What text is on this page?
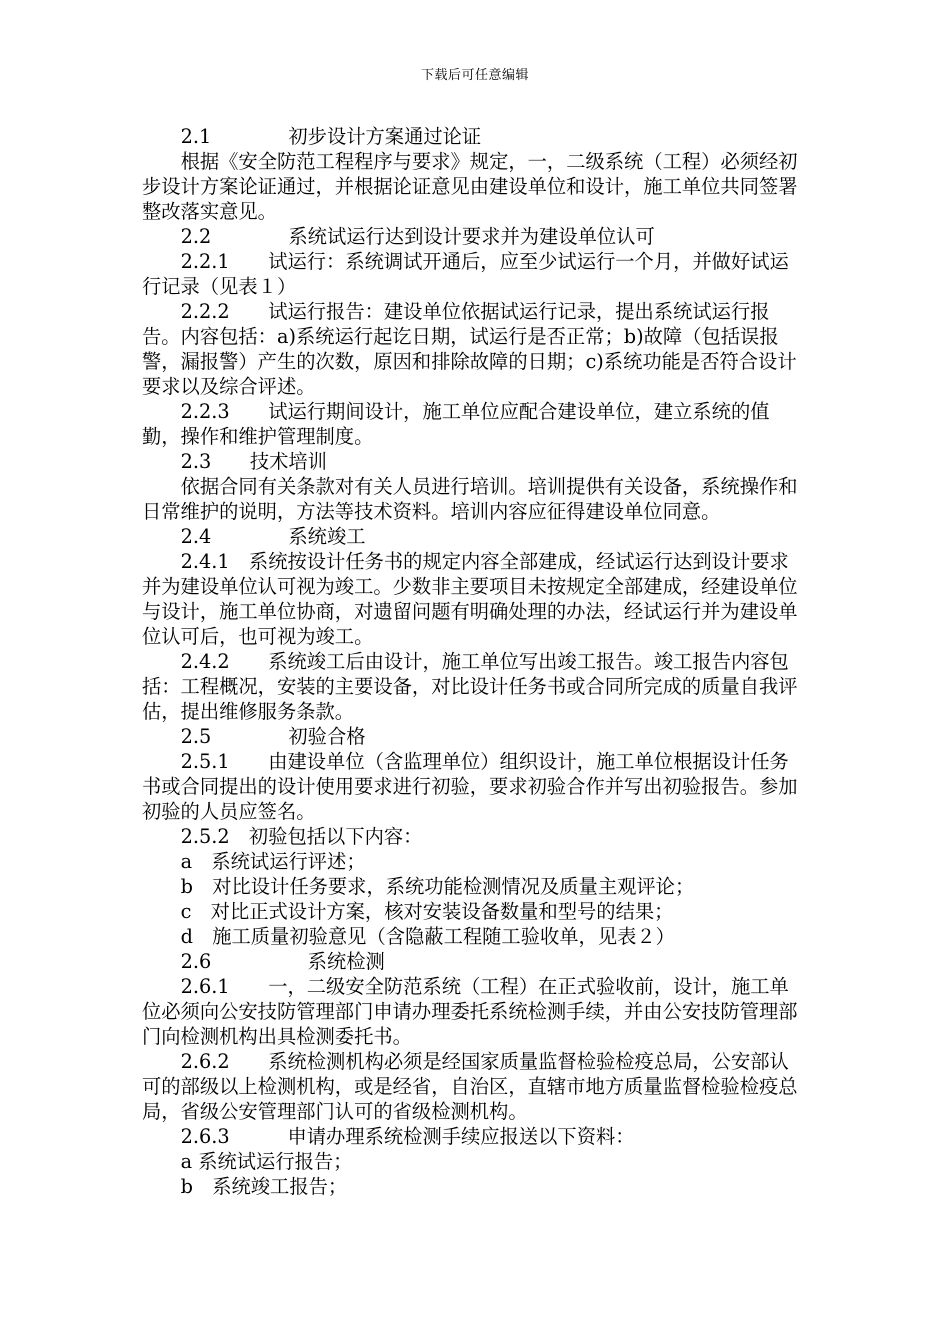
下载后可任意编辑

2.1　　　　初步设计方案通过论证

根据《安全防范工程程序与要求》规定，一，二级系统（工程）必须经初步设计方案论证通过，并根据论证意见由建设单位和设计，施工单位共同签署整改落实意见。

2.2　　　　系统试运行达到设计要求并为建设单位认可

2.2.1　　试运行：系统调试开通后，应至少试运行一个月，并做好试运行记录（见表１）

2.2.2　　试运行报告：建设单位依据试运行记录，提出系统试运行报告。内容包括：a)系统运行起讫日期，试运行是否正常；b)故障（包括误报警，漏报警）产生的次数，原因和排除故障的日期；c)系统功能是否符合设计要求以及综合评述。

2.2.3　　试运行期间设计，施工单位应配合建设单位，建立系统的值勤，操作和维护管理制度。

2.3　　技术培训

依据合同有关条款对有关人员进行培训。培训提供有关设备，系统操作和日常维护的说明，方法等技术资料。培训内容应征得建设单位同意。

2.4　　　　系统竣工

2.4.1　系统按设计任务书的规定内容全部建成，经试运行达到设计要求并为建设单位认可视为竣工。少数非主要项目未按规定全部建成，经建设单位与设计，施工单位协商，对遗留问题有明确处理的办法，经试运行并为建设单位认可后，也可视为竣工。

2.4.2　　系统竣工后由设计，施工单位写出竣工报告。竣工报告内容包括：工程概况，安装的主要设备，对比设计任务书或合同所完成的质量自我评估，提出维修服务条款。

2.5　　　　初验合格

2.5.1　　由建设单位（含监理单位）组织设计，施工单位根据设计任务书或合同提出的设计使用要求进行初验，要求初验合作并写出初验报告。参加初验的人员应签名。

2.5.2　初验包括以下内容：

a　系统试运行评述；

b　对比设计任务要求，系统功能检测情况及质量主观评论；

c　对比正式设计方案，核对安装设备数量和型号的结果；

d　施工质量初验意见（含隐蔽工程随工验收单，见表２）

2.6　　　　　系统检测

2.6.1　　一，二级安全防范系统（工程）在正式验收前，设计，施工单位必须向公安技防管理部门申请办理委托系统检测手续，并由公安技防管理部门向检测机构出具检测委托书。

2.6.2　　系统检测机构必须是经国家质量监督检验检疫总局，公安部认可的部级以上检测机构，或是经省，自治区，直辖市地方质量监督检验检疫总局，省级公安管理部门认可的省级检测机构。

2.6.3　　　申请办理系统检测手续应报送以下资料：

a 系统试运行报告；

b　系统竣工报告；
